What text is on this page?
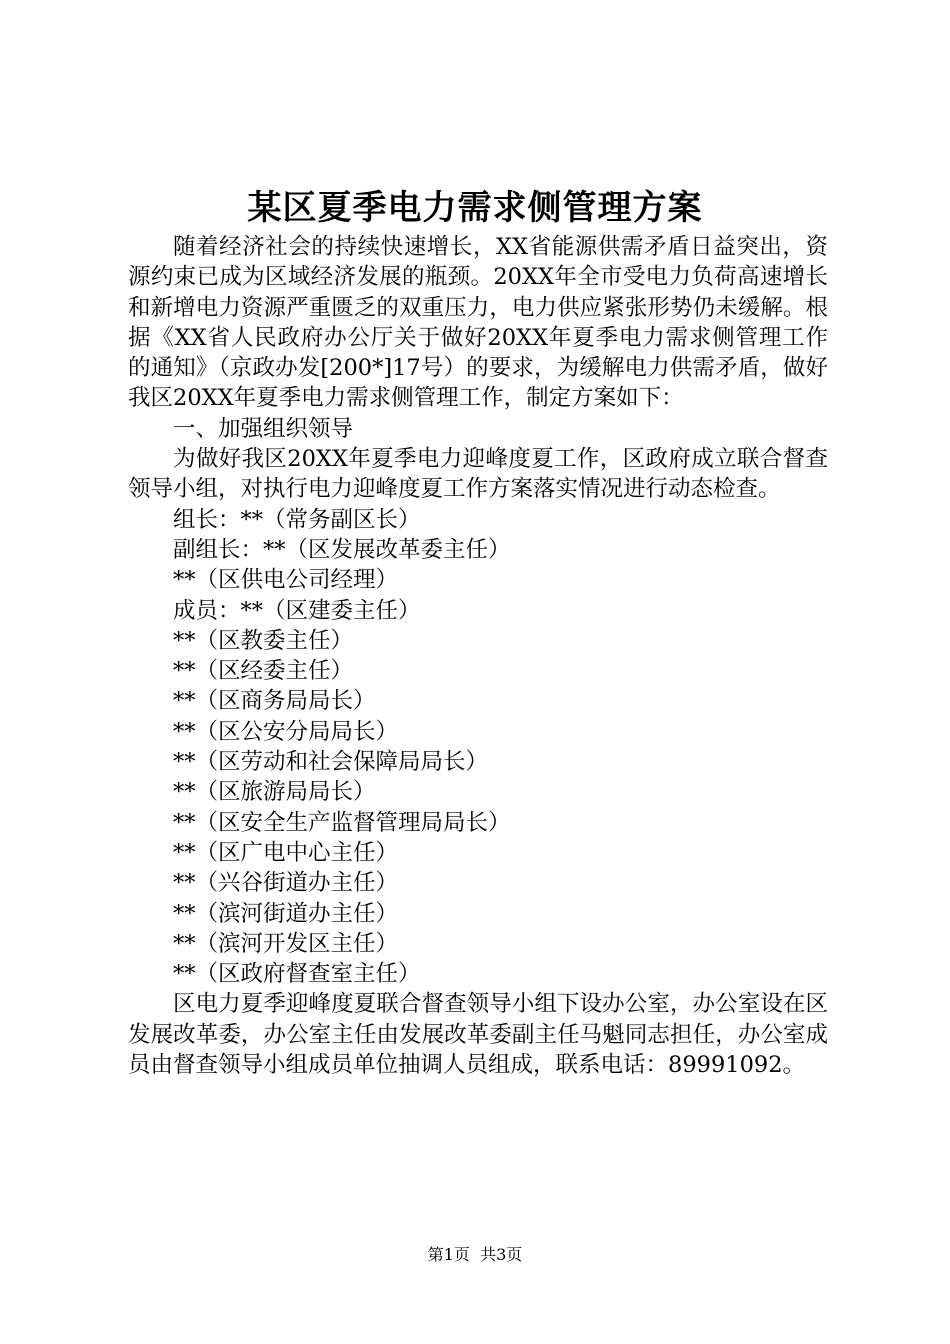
某区夏季电力需求侧管理方案

随着经济社会的持续快速增长，XX省能源供需矛盾日益突出，资源约束已成为区域经济发展的瓶颈。20XX年全市受电力负荷高速增长和新增电力资源严重匮乏的双重压力，电力供应紧张形势仍未缓解。根据《XX省人民政府办公厅关于做好20XX年夏季电力需求侧管理工作的通知》（京政办发[200*]17号）的要求，为缓解电力供需矛盾，做好我区20XX年夏季电力需求侧管理工作，制定方案如下：

一、加强组织领导

为做好我区20XX年夏季电力迎峰度夏工作，区政府成立联合督查领导小组，对执行电力迎峰度夏工作方案落实情况进行动态检查。

组长：**（常务副区长）

副组长：**（区发展改革委主任）

**（区供电公司经理）

成员：**（区建委主任）

**（区教委主任）

**（区经委主任）

**（区商务局局长）

**（区公安分局局长）

**（区劳动和社会保障局局长）

**（区旅游局局长）

**（区安全生产监督管理局局长）

**（区广电中心主任）

**（兴谷街道办主任）

**（滨河街道办主任）

**（滨河开发区主任）

**（区政府督查室主任）

区电力夏季迎峰度夏联合督查领导小组下设办公室，办公室设在区发展改革委，办公室主任由发展改革委副主任马魁同志担任，办公室成员由督查领导小组成员单位抽调人员组成，联系电话：89991092。

第1页 共3页
